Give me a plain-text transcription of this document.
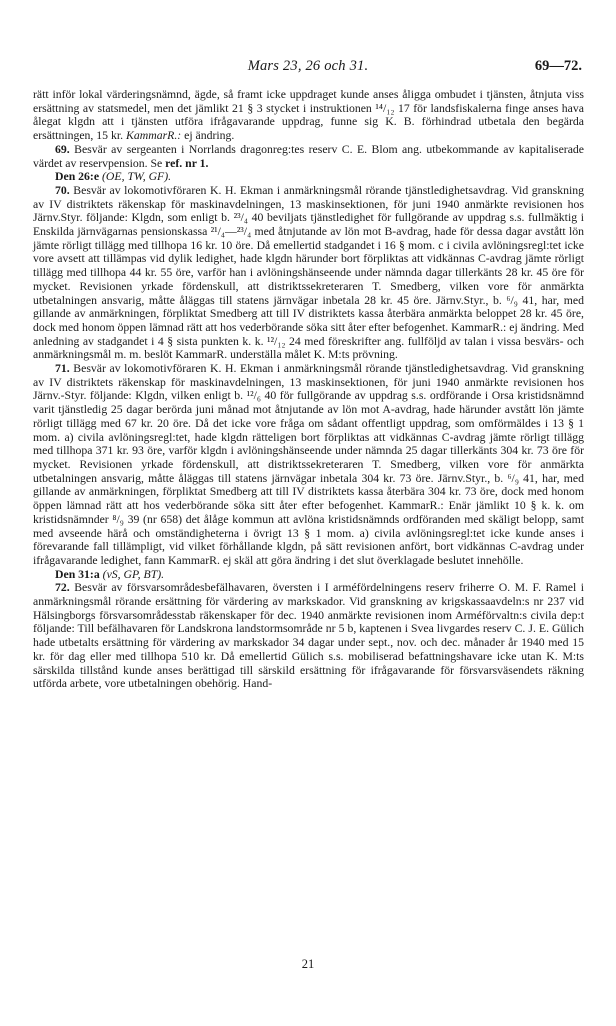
Mars 23, 26 och 31.	69—72.

rätt inför lokal värderingsnämnd, ägde, så framt icke uppdraget kunde anses åligga ombudet i tjänsten, åtnjuta viss ersättning av statsmedel, men det jämlikt 21 § 3 stycket i instruktionen ¹⁴/₁₂ 17 för landsfiskalerna finge anses hava ålegat klgdn att i tjänsten utföra ifrågavarande uppdrag, funne sig K. B. förhindrad utbetala den begärda ersättningen, 15 kr. KammarR.: ej ändring.

69. Besvär av sergeanten i Norrlands dragonreg:tes reserv C. E. Blom ang. utbekommande av kapitaliserade värdet av reservpension. Se ref. nr 1.

Den 26:e (OE, TW, GF).

70. Besvär av lokomotivföraren K. H. Ekman i anmärkningsmål rörande tjänstledighetsavdrag. Vid granskning av IV distriktets räkenskap för maskinavdelningen, 13 maskinsektionen, för juni 1940 anmärkte revisionen hos Järnv.Styr. följande: Klgdn, som enligt b. ²³/₄ 40 beviljats tjänstledighet för fullgörande av uppdrag s.s. fullmäktig i Enskilda järnvägarnas pensionskassa ²¹/₄—²³/₄ med åtnjutande av lön mot B-avdrag, hade för dessa dagar avstått lön jämte rörligt tillägg med tillhopa 16 kr. 10 öre. Då emellertid stadgandet i 16 § mom. c i civila avlöningsregl:tet icke vore avsett att tillämpas vid dylik ledighet, hade klgdn härunder bort förpliktas att vidkännas C-avdrag jämte rörligt tillägg med tillhopa 44 kr. 55 öre, varför han i avlöningshänseende under nämnda dagar tillerkänts 28 kr. 45 öre för mycket. Revisionen yrkade fördenskull, att distriktssekreteraren T. Smedberg, vilken vore för anmärkta utbetalningen ansvarig, måtte åläggas till statens järnvägar inbetala 28 kr. 45 öre. Järnv.Styr., b. ⁶/₉ 41, har, med gillande av anmärkningen, förpliktat Smedberg att till IV distriktets kassa återbära anmärkta beloppet 28 kr. 45 öre, dock med honom öppen lämnad rätt att hos vederbörande söka sitt åter efter befogenhet. KammarR.: ej ändring. Med anledning av stadgandet i 4 § sista punkten k. k. ¹²/₁₂ 24 med föreskrifter ang. fullföljd av talan i vissa besvärs- och anmärkningsmål m. m. beslöt KammarR. underställa målet K. M:ts prövning.

71. Besvär av lokomotivföraren K. H. Ekman i anmärkningsmål rörande tjänstledighetsavdrag. Vid granskning av IV distriktets räkenskap för maskinavdelningen, 13 maskinsektionen, för juni 1940 anmärkte revisionen hos Järnv.-Styr. följande: Klgdn, vilken enligt b. ¹²/₆ 40 för fullgörande av uppdrag s.s. ordförande i Orsa kristidsnämnd varit tjänstledig 25 dagar berörda juni månad mot åtnjutande av lön mot A-avdrag, hade härunder avstått lön jämte rörligt tillägg med 67 kr. 20 öre. Då det icke vore fråga om sådant offentligt uppdrag, som omförmäldes i 13 § 1 mom. a) civila avlöningsregl:tet, hade klgdn rätteligen bort förpliktas att vidkännas C-avdrag jämte rörligt tillägg med tillhopa 371 kr. 93 öre, varför klgdn i avlöningshänseende under nämnda 25 dagar tillerkänts 304 kr. 73 öre för mycket. Revisionen yrkade fördenskull, att distriktssekreteraren T. Smedberg, vilken vore för anmärkta utbetalningen ansvarig, måtte åläggas till statens järnvägar inbetala 304 kr. 73 öre. Järnv.Styr., b. ⁶/₉ 41, har, med gillande av anmärkningen, förpliktat Smedberg att till IV distriktets kassa återbära 304 kr. 73 öre, dock med honom öppen lämnad rätt att hos vederbörande söka sitt åter efter befogenhet. KammarR.: Enär jämlikt 10 § k. k. om kristidsnämnder ⁸/₉ 39 (nr 658) det ålåge kommun att avlöna kristidsnämnds ordföranden med skäligt belopp, samt med avseende härå och omständigheterna i övrigt 13 § 1 mom. a) civila avlöningsregl:tet icke kunde anses i förevarande fall tillämpligt, vid vilket förhållande klgdn, på sätt revisionen anfört, bort vidkännas C-avdrag under ifrågavarande ledighet, fann KammarR. ej skäl att göra ändring i det slut överklagade beslutet innehölle.

Den 31:a (vS, GP, BT).

72. Besvär av försvarsområdesbefälhavaren, översten i I arméfördelningens reserv friherre O. M. F. Ramel i anmärkningsmål rörande ersättning för värdering av markskador. Vid granskning av krigskassaavdeln:s nr 237 vid Hälsingborgs försvarsområdesstab räkenskaper för dec. 1940 anmärkte revisionen inom Arméförvaltn:s civila dep:t följande: Till befälhavaren för Landskrona landstormsområde nr 5 b, kaptenen i Svea livgardes reserv C. J. E. Gülich hade utbetalts ersättning för värdering av markskador 34 dagar under sept., nov. och dec. månader år 1940 med 15 kr. för dag eller med tillhopa 510 kr. Då emellertid Gülich s.s. mobiliserad befattningshavare icke utan K. M:ts särskilda tillstånd kunde anses berättigad till särskild ersättning för ifrågavarande för försvarsväsendets räkning utförda arbete, vore utbetalningen obehörig. Hand-

21
